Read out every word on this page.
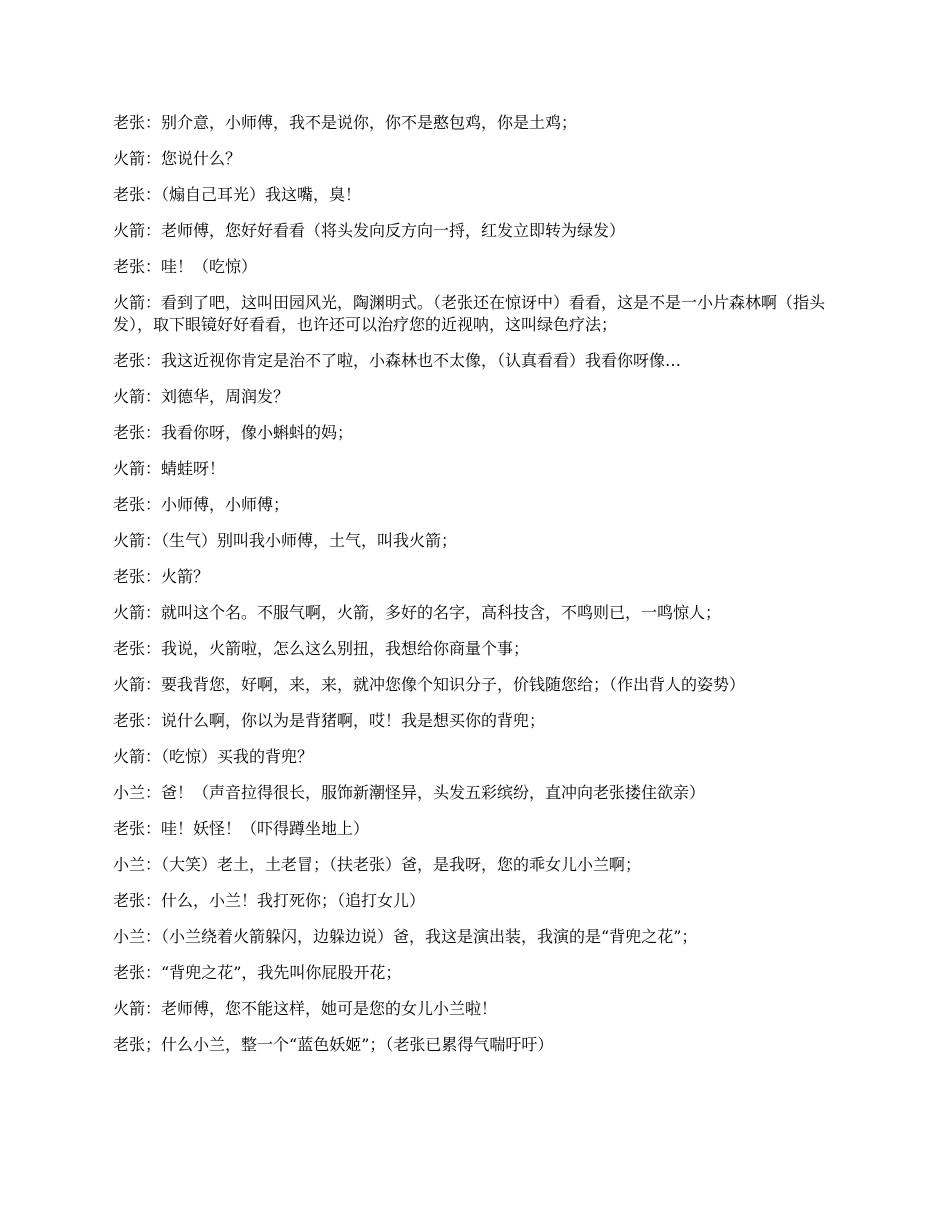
老张：别介意，小师傅，我不是说你，你不是憨包鸡，你是土鸡；

火箭：您说什么？

老张：（煽自己耳光）我这嘴，臭！

火箭：老师傅，您好好看看（将头发向反方向一捋，红发立即转为绿发）

老张：哇！（吃惊）

火箭：看到了吧，这叫田园风光，陶渊明式。（老张还在惊讶中）看看，这是不是一小片森林啊（指头发），取下眼镜好好看看，也许还可以治疗您的近视呐，这叫绿色疗法；

老张：我这近视你肯定是治不了啦，小森林也不太像，（认真看看）我看你呀像…

火箭：刘德华，周润发？

老张：我看你呀，像小蝌蚪的妈；

火箭：蜻蛙呀！

老张：小师傅，小师傅；

火箭：（生气）别叫我小师傅，土气，叫我火箭；

老张：火箭？

火箭：就叫这个名。不服气啊，火箭，多好的名字，高科技含，不鸣则已，一鸣惊人；

老张：我说，火箭啦，怎么这么别扭，我想给你商量个事；

火箭：要我背您，好啊，来，来，就冲您像个知识分子，价钱随您给；（作出背人的姿势）

老张：说什么啊，你以为是背猪啊，哎！我是想买你的背兜；

火箭：（吃惊）买我的背兜？

小兰：爸！（声音拉得很长，服饰新潮怪异，头发五彩缤纷，直冲向老张搂住欲亲）

老张：哇！妖怪！（吓得蹲坐地上）

小兰：（大笑）老土，土老冒；（扶老张）爸，是我呀，您的乖女儿小兰啊；

老张：什么，小兰！我打死你；（追打女儿）

小兰：（小兰绕着火箭躲闪，边躲边说）爸，我这是演出装，我演的是“背兜之花”；

老张：“背兜之花”，我先叫你屁股开花；

火箭：老师傅，您不能这样，她可是您的女儿小兰啦！

老张；什么小兰，整一个“蓝色妖姬”；（老张已累得气喘吁吁）
